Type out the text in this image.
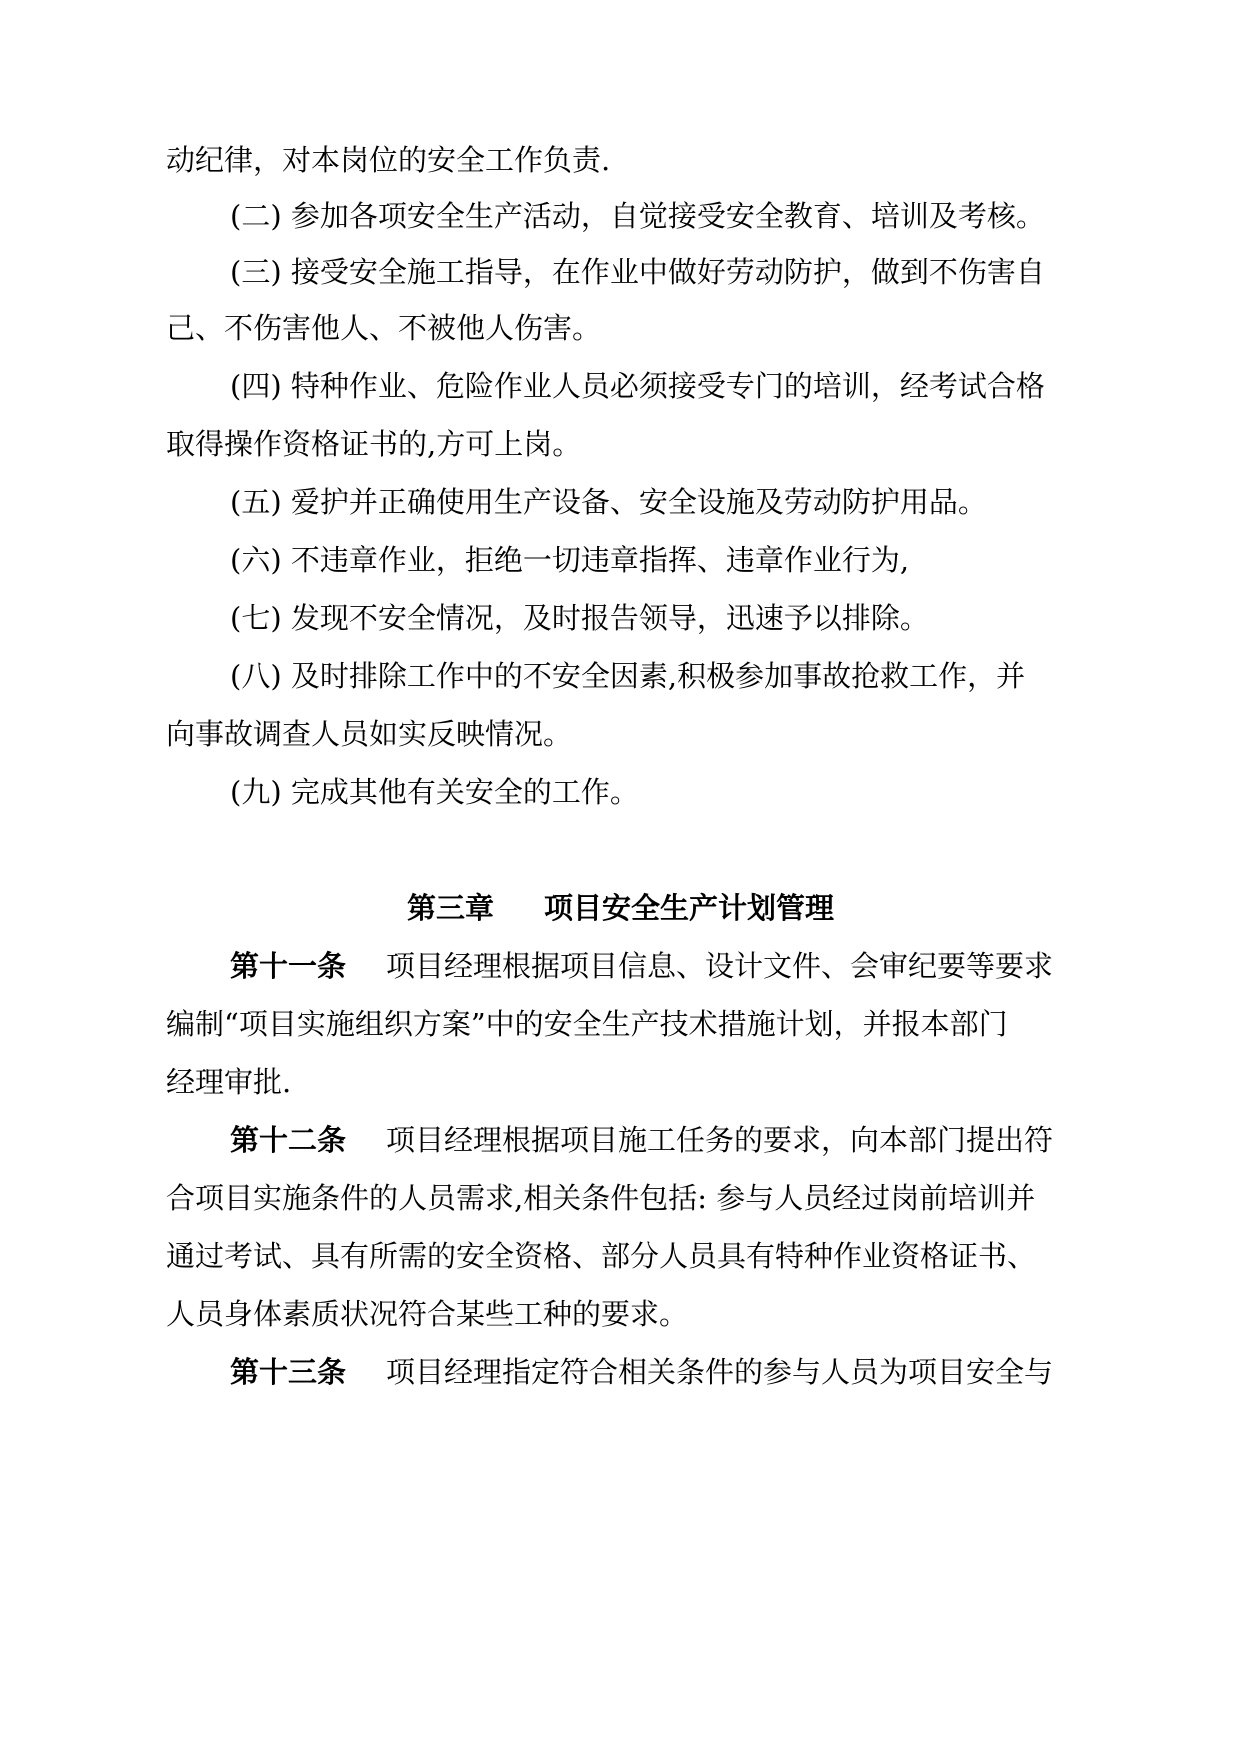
动纪律，对本岗位的安全工作负责.
(二) 参加各项安全生产活动，自觉接受安全教育、培训及考核。
(三) 接受安全施工指导，在作业中做好劳动防护，做到不伤害自
己、不伤害他人、不被他人伤害。
(四) 特种作业、危险作业人员必须接受专门的培训，经考试合格
取得操作资格证书的,方可上岗。
(五) 爱护并正确使用生产设备、安全设施及劳动防护用品。
(六) 不违章作业，拒绝一切违章指挥、违章作业行为,
(七) 发现不安全情况，及时报告领导，迅速予以排除。
(八) 及时排除工作中的不安全因素,积极参加事故抢救工作，并
向事故调查人员如实反映情况。
(九) 完成其他有关安全的工作。
第三章 项目安全生产计划管理
第十一条 项目经理根据项目信息、设计文件、会审纪要等要求
编制“项目实施组织方案”中的安全生产技术措施计划，并报本部门
经理审批.
第十二条 项目经理根据项目施工任务的要求，向本部门提出符
合项目实施条件的人员需求,相关条件包括: 参与人员经过岗前培训并
通过考试、具有所需的安全资格、部分人员具有特种作业资格证书、
人员身体素质状况符合某些工种的要求。
第十三条 项目经理指定符合相关条件的参与人员为项目安全与
